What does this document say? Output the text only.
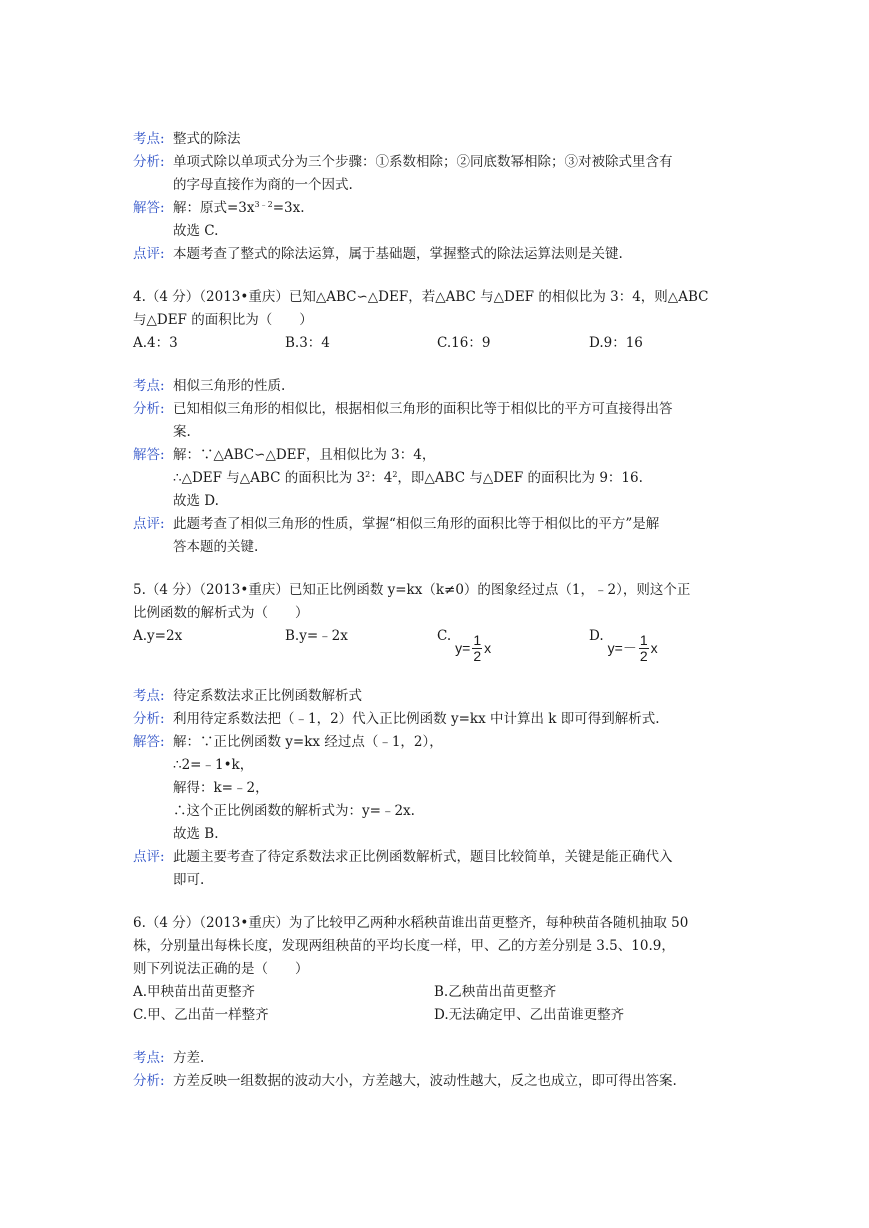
考点: 整式的除法
分析: 单项式除以单项式分为三个步骤：①系数相除；②同底数幂相除；③对被除式里含有
的字母直接作为商的一个因式.
解答: 解：原式$=3x^{3﹣2}=3x$.
故选 C.
点评: 本题考查了整式的除法运算，属于基础题，掌握整式的除法运算法则是关键.
4.（4 分）（2013•重庆）已知△ABC∽△DEF，若△ABC 与△DEF 的相似比为 3：4，则△ABC
与△DEF 的面积比为（　　）
A.4：3	B.3：4	C.16：9	D.9：16
考点: 相似三角形的性质.
分析: 已知相似三角形的相似比，根据相似三角形的面积比等于相似比的平方可直接得出答
案.
解答: 解：∵△ABC∽△DEF，且相似比为 3：4，
∴△DEF 与△ABC 的面积比为 $3^2$：$4^2$，即△ABC 与△DEF 的面积比为 9：16.
故选 D.
点评: 此题考查了相似三角形的性质，掌握“相似三角形的面积比等于相似比的平方”是解
答本题的关键.
5.（4 分）（2013•重庆）已知正比例函数 y=kx（k≠0）的图象经过点（1，﹣2），则这个正
比例函数的解析式为（　　）
A.y=2x	B.y=﹣2x	C.
$y= \frac{1}{2}$ x
D.
$y=- \frac{1}{2}$ x
考点: 待定系数法求正比例函数解析式
分析: 利用待定系数法把（﹣1，2）代入正比例函数 y=kx 中计算出 k 即可得到解析式.
解答: 解：∵正比例函数 y=kx 经过点（﹣1，2），
∴2=﹣1•k，
解得：k=﹣2，
∴这个正比例函数的解析式为：y=﹣2x.
故选 B.
点评: 此题主要考查了待定系数法求正比例函数解析式，题目比较简单，关键是能正确代入
即可.
6.（4 分）（2013•重庆）为了比较甲乙两种水稻秧苗谁出苗更整齐，每种秧苗各随机抽取 50
株，分别量出每株长度，发现两组秧苗的平均长度一样，甲、乙的方差分别是 3.5、10.9，
则下列说法正确的是（　　）
A.甲秧苗出苗更整齐	B.乙秧苗出苗更整齐
C.甲、乙出苗一样整齐	D.无法确定甲、乙出苗谁更整齐
考点: 方差.
分析: 方差反映一组数据的波动大小，方差越大，波动性越大，反之也成立，即可得出答案.
